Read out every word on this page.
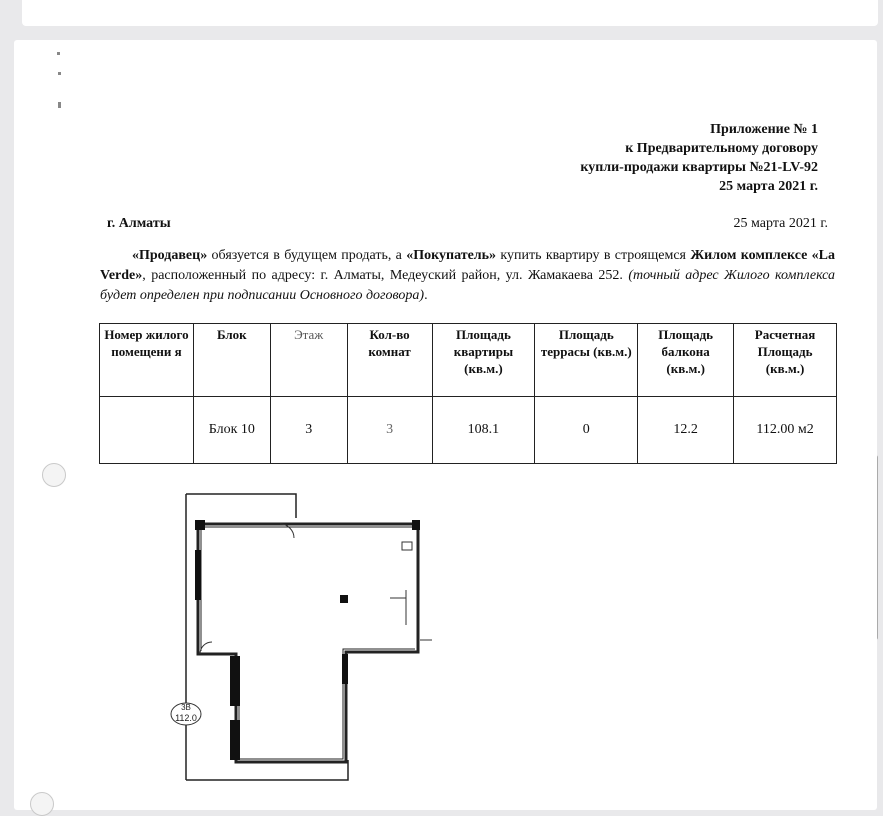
Приложение № 1
к Предварительному договору
купли-продажи квартиры №21-LV-92
25 марта 2021 г.
г. Алматы	25 марта 2021 г.
«Продавец» обязуется в будущем продать, а «Покупатель» купить квартиру в строящемся Жилом комплексе «La Verde», расположенный по адресу: г. Алматы, Медеуский район, ул. Жамакаева 252. (точный адрес Жилого комплекса будет определен при подписании Основного договора).
Номер жилого помещени я	Блок	Этаж	Кол-во комнат	Площадь квартиры (кв.м.)	Площадь террасы (кв.м.)	Площадь балкона (кв.м.)	Расчетная Площадь (кв.м.)
	Блок 10	3	3	108.1	0	12.2	112.00 м2
3В
112.0
